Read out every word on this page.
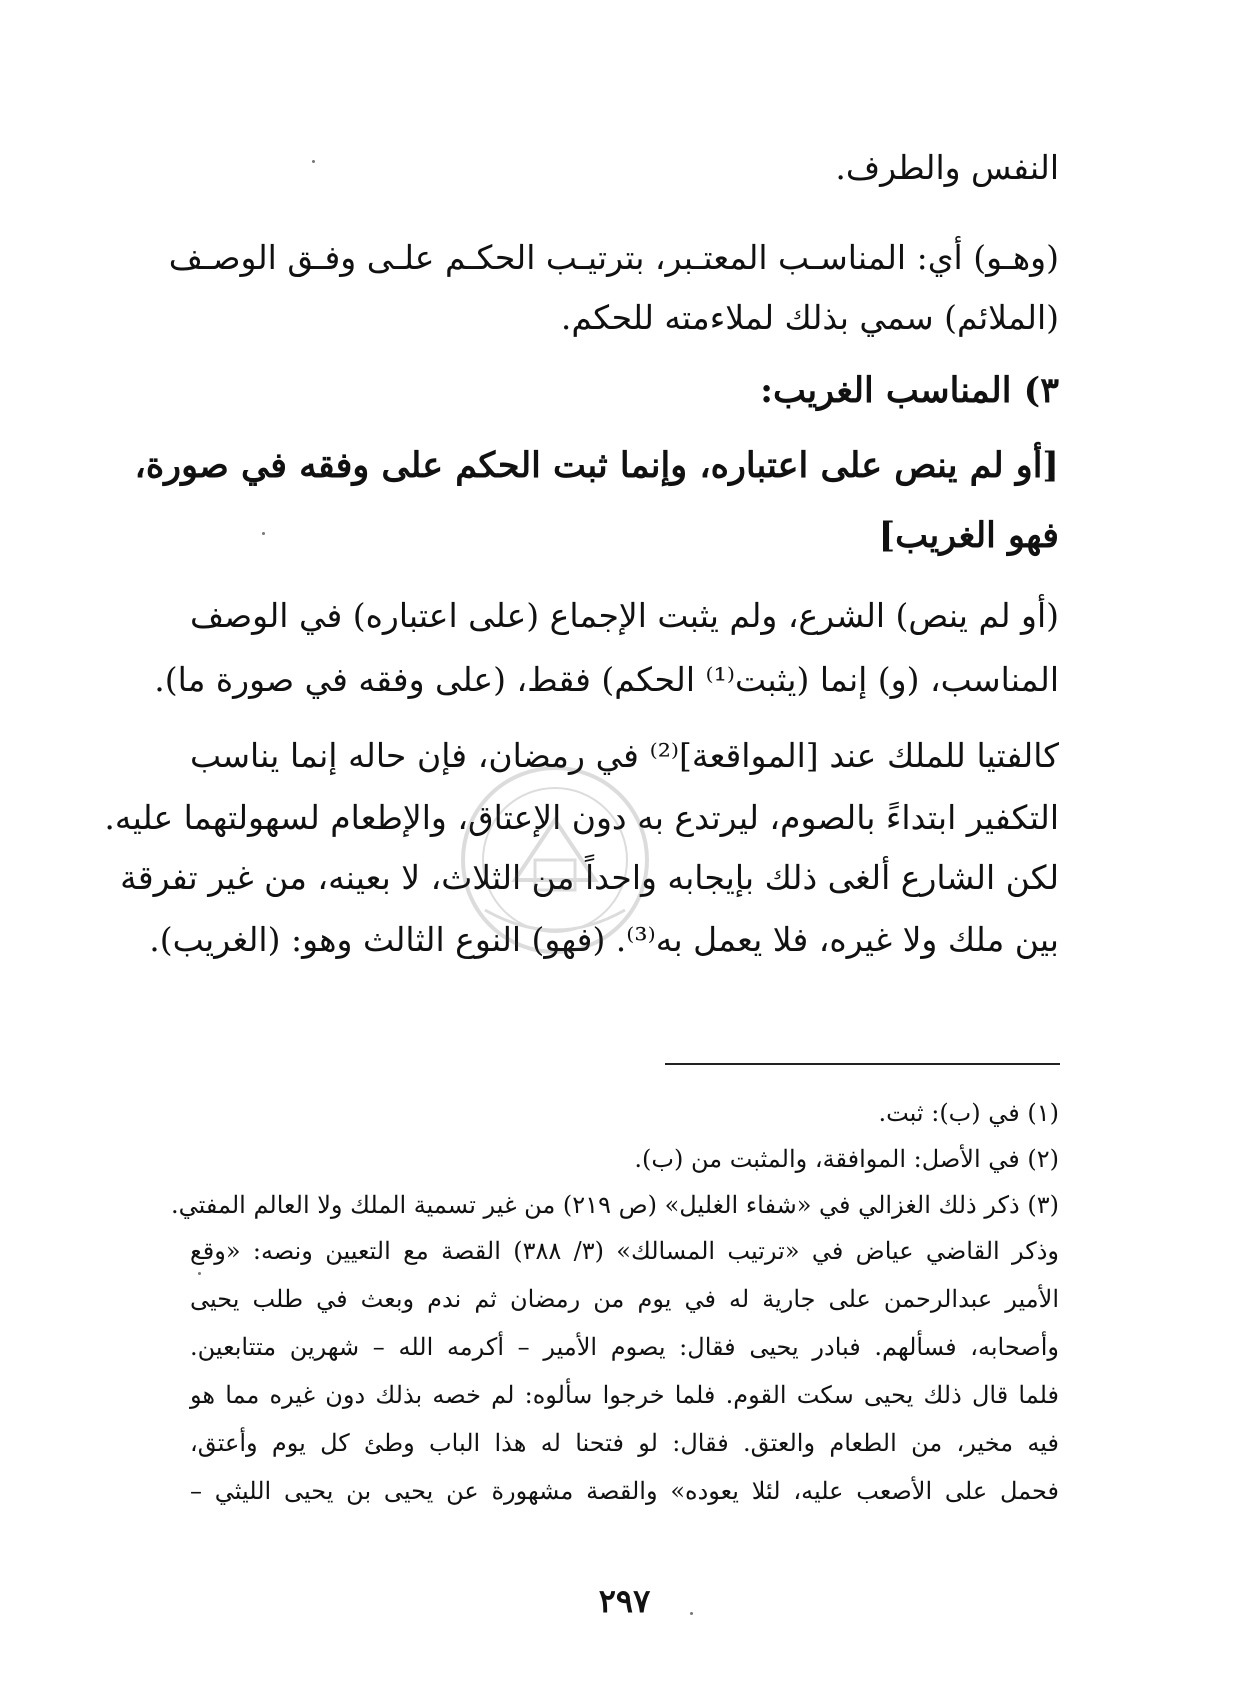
النفس والطرف.
(وهـو) أي: المناسـب المعتـبر، بترتيـب الحكـم علـى وفـق الوصـف
(الملائم) سمي بذلك لملاءمته للحكم.
٣) المناسب الغريب:
[أو لم ينص على اعتباره، وإنما ثبت الحكم على وفقه في صورة،
فهو الغريب]
(أو لم ينص) الشرع، ولم يثبت الإجماع (على اعتباره) في الوصف
المناسب، (و) إنما (يثبت⁽¹⁾ الحكم) فقط، (على وفقه في صورة ما).
كالفتيا للملك عند [المواقعة]⁽²⁾ في رمضان، فإن حاله إنما يناسب
التكفير ابتداءً بالصوم، ليرتدع به دون الإعتاق، والإطعام لسهولتهما عليه.
لكن الشارع ألغى ذلك بإيجابه واحداً من الثلاث، لا بعينه، من غير تفرقة
بين ملك ولا غيره، فلا يعمل به⁽³⁾. (فهو) النوع الثالث وهو: (الغريب).
(١) في (ب): ثبت.
(٢) في الأصل: الموافقة، والمثبت من (ب).
(٣) ذكر ذلك الغزالي في «شفاء الغليل» (ص ٢١٩) من غير تسمية الملك ولا العالم المفتي.
وذكر القاضي عياض في «ترتيب المسالك» (٣/ ٣٨٨) القصة مع التعيين ونصه: «وقع
الأمير عبدالرحمن على جارية له في يوم من رمضان ثم ندم وبعث في طلب يحيى
وأصحابه، فسألهم. فبادر يحيى فقال: يصوم الأمير – أكرمه الله – شهرين متتابعين.
فلما قال ذلك يحيى سكت القوم. فلما خرجوا سألوه: لم خصه بذلك دون غيره مما هو
فيه مخير، من الطعام والعتق. فقال: لو فتحنا له هذا الباب وطئ كل يوم وأعتق،
فحمل على الأصعب عليه، لئلا يعوده» والقصة مشهورة عن يحيى بن يحيى الليثي –
٢٩٧
